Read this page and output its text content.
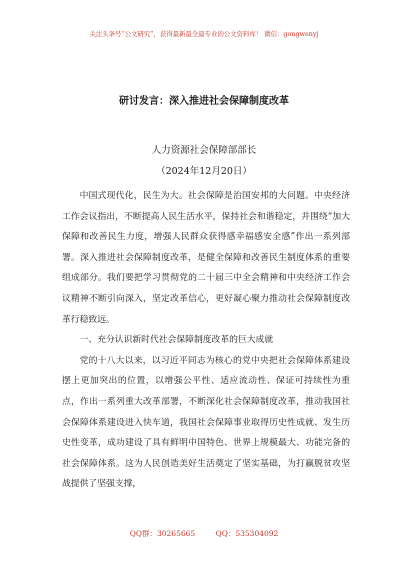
关注头条号“公文研究”，获得最新最全最专业的公文资料库！ 微信：gongwenyj
研讨发言：深入推进社会保障制度改革
人力资源社会保障部部长
（2024年12月20日）

中国式现代化，民生为大。社会保障是治国安邦的大问题。中央经济工作会议指出，不断提高人民生活水平，保持社会和谐稳定，并围绕“加大保障和改善民生力度，增强人民群众获得感幸福感安全感”作出一系列部署。深入推进社会保障制度改革，是健全保障和改善民生制度体系的重要组成部分。我们要把学习贯彻党的二十届三中全会精神和中央经济工作会议精神不断引向深入，坚定改革信心，更好凝心聚力推动社会保障制度改革行稳致远。

一、充分认识新时代社会保障制度改革的巨大成就

党的十八大以来，以习近平同志为核心的党中央把社会保障体系建设摆上更加突出的位置，以增强公平性、适应流动性、保证可持续性为重点，作出一系列重大改革部署，不断深化社会保障制度改革，推动我国社会保障体系建设进入快车道，我国社会保障事业取得历史性成就、发生历史性变革，成功建设了具有鲜明中国特色、世界上规模最大、功能完备的社会保障体系。这为人民创造美好生活奠定了坚实基础，为打赢脱贫攻坚战提供了坚强支撑，

QQ群：30265665	QQ：535304092
